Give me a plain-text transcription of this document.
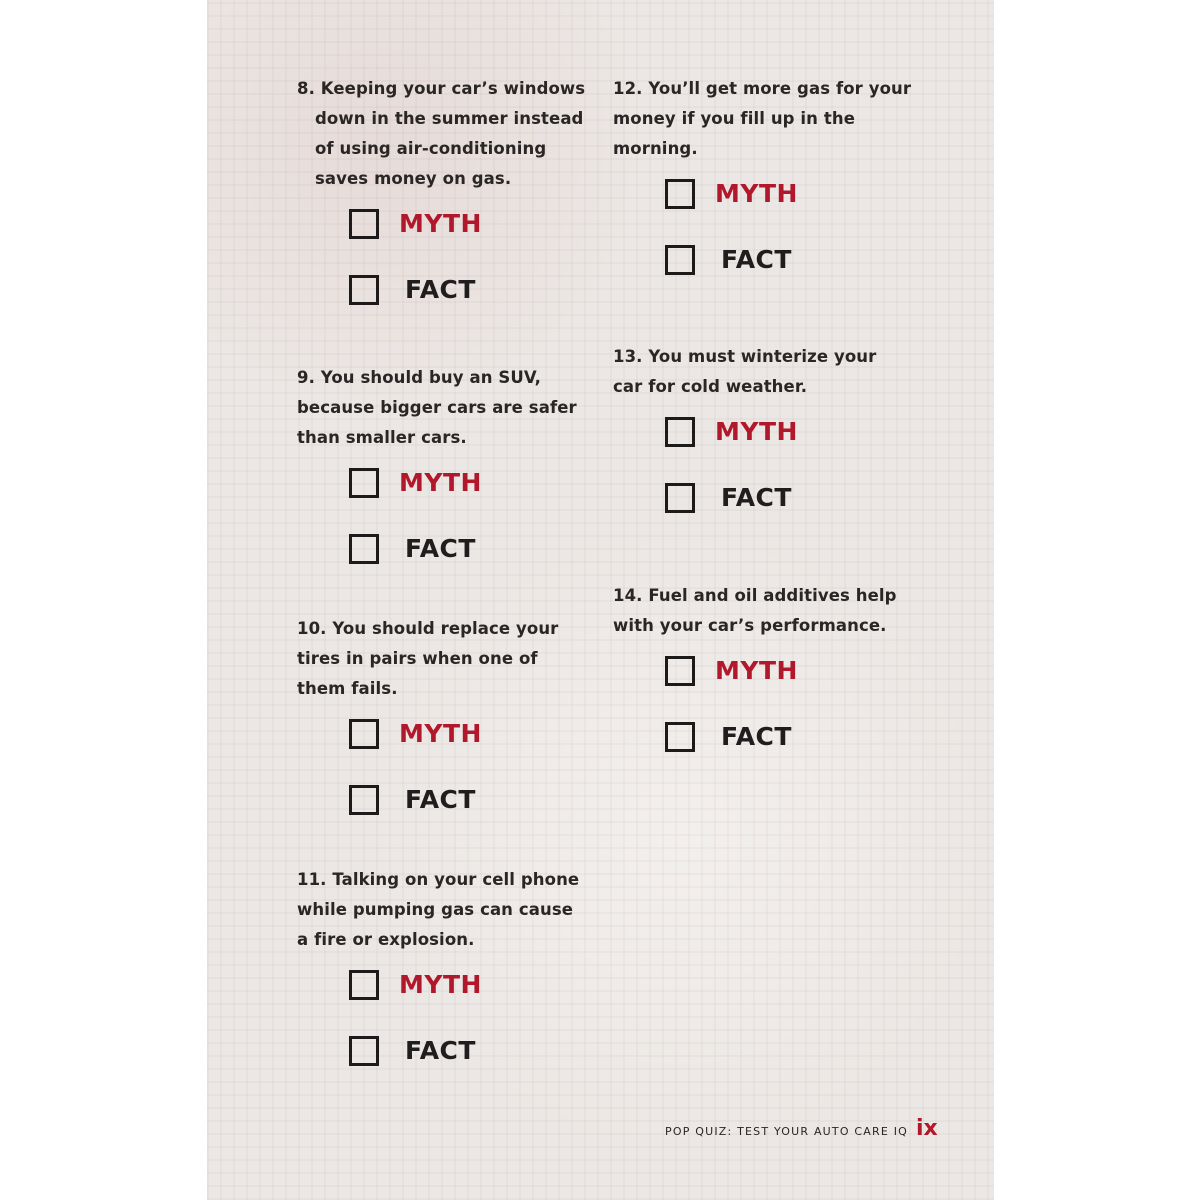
8. Keeping your car’s windows down in the summer instead of using air-conditioning saves money on gas.

MYTH
FACT

9. You should buy an SUV, because bigger cars are safer than smaller cars.

MYTH
FACT

10. You should replace your tires in pairs when one of them fails.

MYTH
FACT

11. Talking on your cell phone while pumping gas can cause a fire or explosion.

MYTH
FACT

12. You’ll get more gas for your money if you fill up in the morning.

MYTH
FACT

13. You must winterize your car for cold weather.

MYTH
FACT

14. Fuel and oil additives help with your car’s performance.

MYTH
FACT
POP QUIZ: TEST YOUR AUTO CARE IQ ix
